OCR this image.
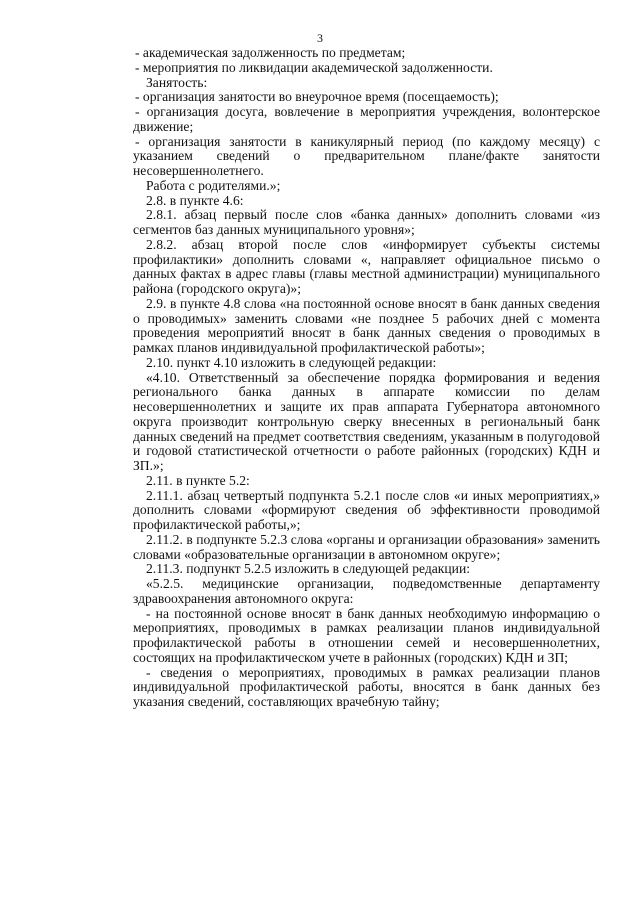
3

- академическая задолженность по предметам;

- мероприятия по ликвидации академической задолженности.

Занятость:

- организация занятости во внеурочное время (посещаемость);

- организация досуга, вовлечение в мероприятия учреждения, волонтерское движение;

- организация занятости в каникулярный период (по каждому месяцу) с указанием сведений о предварительном плане/факте занятости несовершеннолетнего.

Работа с родителями.»;

2.8. в пункте 4.6:

2.8.1. абзац первый после слов «банка данных» дополнить словами «из сегментов баз данных муниципального уровня»;

2.8.2. абзац второй после слов «информирует субъекты системы профилактики» дополнить словами «, направляет официальное письмо о данных фактах в адрес главы (главы местной администрации) муниципального района (городского округа)»;

2.9. в пункте 4.8 слова «на постоянной основе вносят в банк данных сведения о проводимых» заменить словами «не позднее 5 рабочих дней с момента проведения мероприятий вносят в банк данных сведения о проводимых в рамках планов индивидуальной профилактической работы»;

2.10. пункт 4.10 изложить в следующей редакции:

«4.10. Ответственный за обеспечение порядка формирования и ведения регионального банка данных в аппарате комиссии по делам несовершеннолетних и защите их прав аппарата Губернатора автономного округа производит контрольную сверку внесенных в региональный банк данных сведений на предмет соответствия сведениям, указанным в полугодовой и годовой статистической отчетности о работе районных (городских) КДН и ЗП.»;

2.11. в пункте 5.2:

2.11.1. абзац четвертый подпункта 5.2.1 после слов «и иных мероприятиях,» дополнить словами «формируют сведения об эффективности проводимой профилактической работы,»;

2.11.2. в подпункте 5.2.3 слова «органы и организации образования» заменить словами «образовательные организации в автономном округе»;

2.11.3. подпункт 5.2.5 изложить в следующей редакции:

«5.2.5. медицинские организации, подведомственные департаменту здравоохранения автономного округа:

- на постоянной основе вносят в банк данных необходимую информацию о мероприятиях, проводимых в рамках реализации планов индивидуальной профилактической работы в отношении семей и несовершеннолетних, состоящих на профилактическом учете в районных (городских) КДН и ЗП;

- сведения о мероприятиях, проводимых в рамках реализации планов индивидуальной профилактической работы, вносятся в банк данных без указания сведений, составляющих врачебную тайну;
